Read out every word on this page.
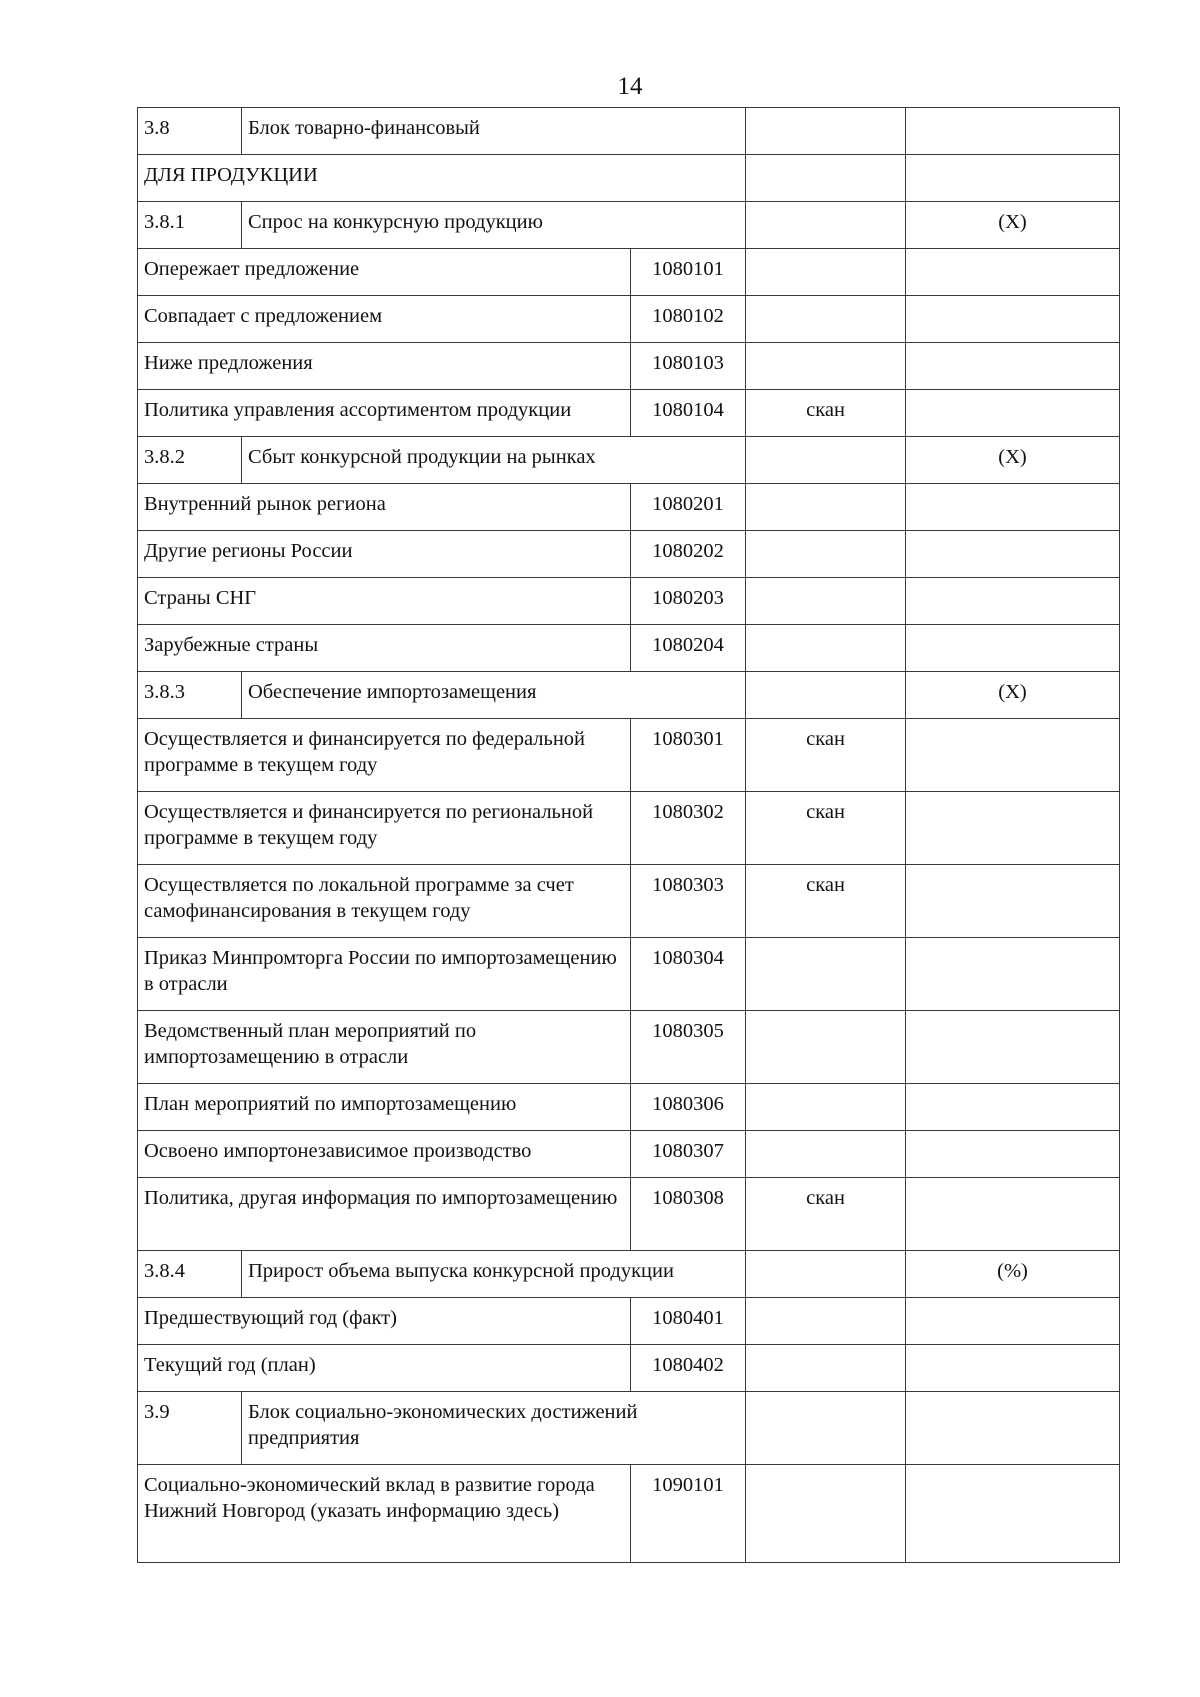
14
3.8	Блок товарно-финансовый			
ДЛЯ ПРОДУКЦИИ				
3.8.1	Спрос на конкурсную продукцию			(X)
Опережает предложение		1080101		
Совпадает с предложением		1080102		
Ниже предложения		1080103		
Политика управления ассортиментом продукции		1080104	скан	
3.8.2	Сбыт конкурсной продукции на рынках			(X)
Внутренний рынок региона		1080201		
Другие регионы России		1080202		
Страны СНГ		1080203		
Зарубежные страны		1080204		
3.8.3	Обеспечение импортозамещения			(X)
Осуществляется и финансируется по федеральной программе в текущем году		1080301	скан	
Осуществляется и финансируется по региональной программе в текущем году		1080302	скан	
Осуществляется по локальной программе за счет самофинансирования в текущем году		1080303	скан	
Приказ Минпромторга России по импортозамещению в отрасли		1080304		
Ведомственный план мероприятий по импортозамещению в отрасли		1080305		
План мероприятий по импортозамещению		1080306		
Освоено импортонезависимое производство		1080307		
Политика, другая информация по импортозамещению		1080308	скан	
3.8.4	Прирост объема выпуска конкурсной продукции			(%)
Предшествующий год (факт)		1080401		
Текущий год (план)		1080402		
3.9	Блок социально-экономических достижений предприятия			
Социально-экономический вклад в развитие города Нижний Новгород (указать информацию здесь)		1090101		
